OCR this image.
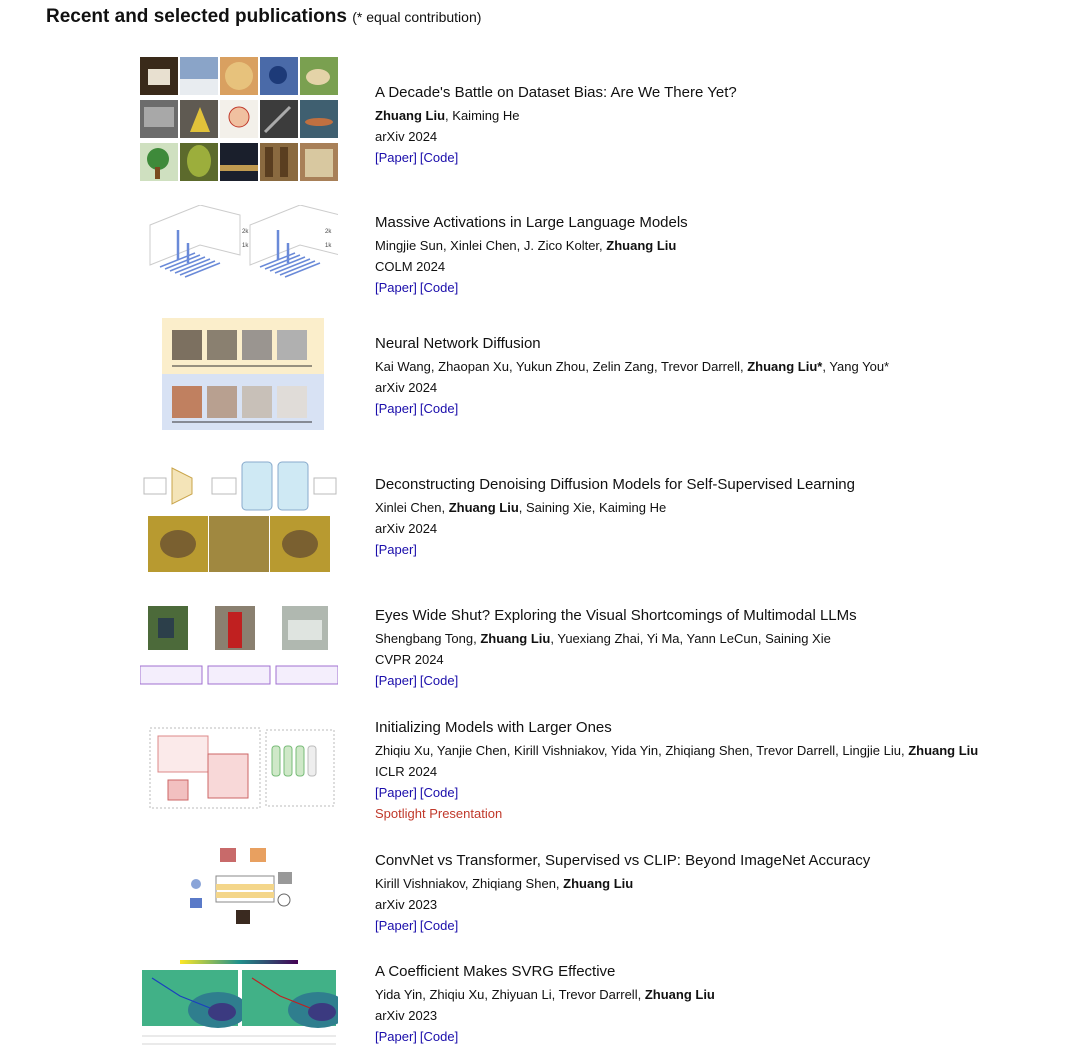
Recent and selected publications (* equal contribution)
A Decade's Battle on Dataset Bias: Are We There Yet?
Zhuang Liu, Kaiming He
arXiv 2024
[Paper] [Code]
2k
1k
2k
1k
Massive Activations in Large Language Models
Mingjie Sun, Xinlei Chen, J. Zico Kolter, Zhuang Liu
COLM 2024
[Paper] [Code]
Neural Network Diffusion
Kai Wang, Zhaopan Xu, Yukun Zhou, Zelin Zang, Trevor Darrell, Zhuang Liu*, Yang You*
arXiv 2024
[Paper] [Code]
Deconstructing Denoising Diffusion Models for Self-Supervised Learning
Xinlei Chen, Zhuang Liu, Saining Xie, Kaiming He
arXiv 2024
[Paper]
Eyes Wide Shut? Exploring the Visual Shortcomings of Multimodal LLMs
Shengbang Tong, Zhuang Liu, Yuexiang Zhai, Yi Ma, Yann LeCun, Saining Xie
CVPR 2024
[Paper] [Code]
Initializing Models with Larger Ones
Zhiqiu Xu, Yanjie Chen, Kirill Vishniakov, Yida Yin, Zhiqiang Shen, Trevor Darrell, Lingjie Liu, Zhuang Liu
ICLR 2024
[Paper] [Code]
Spotlight Presentation
ConvNet vs Transformer, Supervised vs CLIP: Beyond ImageNet Accuracy
Kirill Vishniakov, Zhiqiang Shen, Zhuang Liu
arXiv 2023
[Paper] [Code]
A Coefficient Makes SVRG Effective
Yida Yin, Zhiqiu Xu, Zhiyuan Li, Trevor Darrell, Zhuang Liu
arXiv 2023
[Paper] [Code]
